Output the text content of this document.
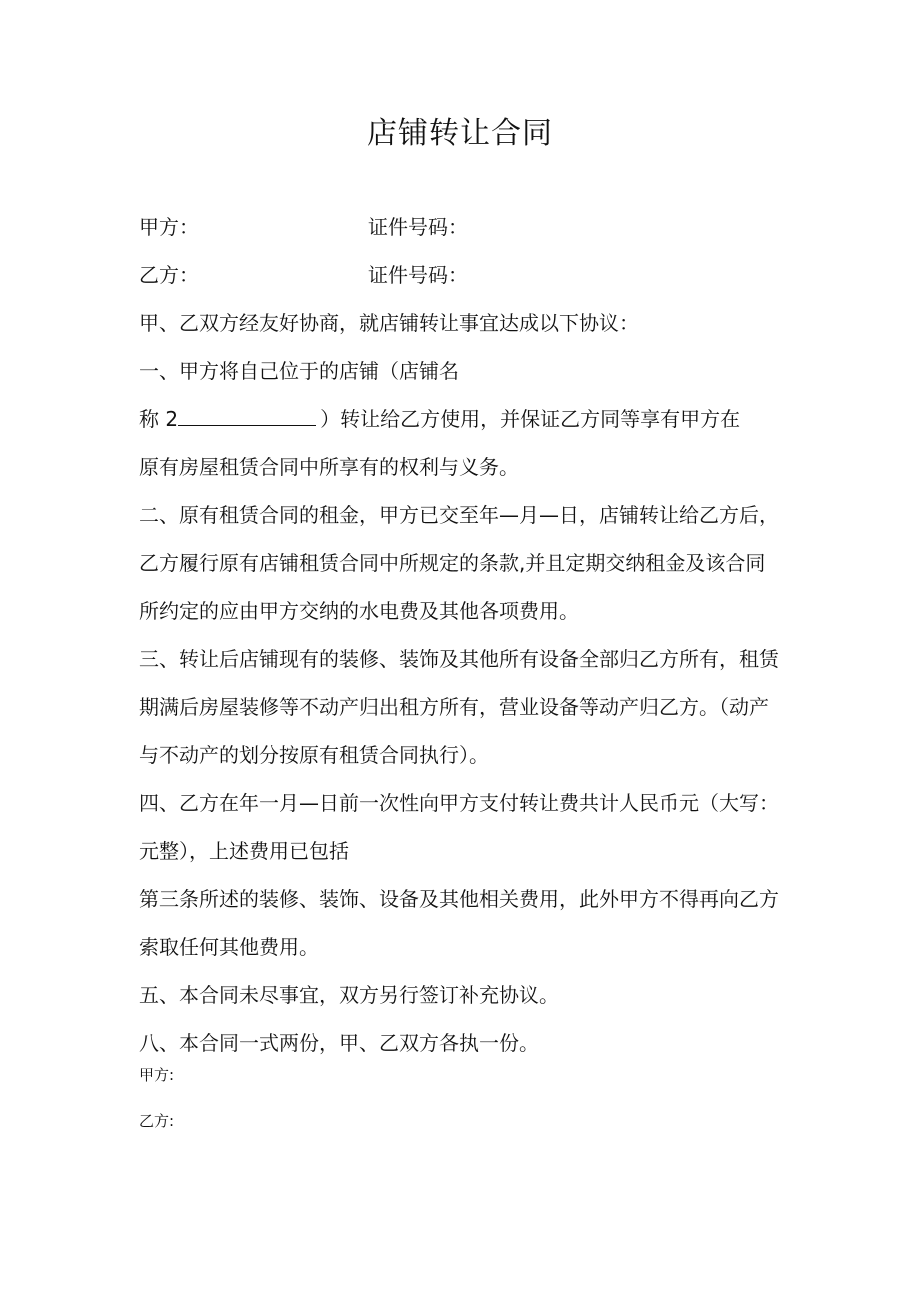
店铺转让合同
甲方：	证件号码：
乙方：	证件号码：
甲、乙双方经友好协商，就店铺转让事宜达成以下协议：
一、甲方将自己位于的店铺（店铺名
称 2	）转让给乙方使用，并保证乙方同等享有甲方在
原有房屋租赁合同中所享有的权利与义务。
二、原有租赁合同的租金，甲方已交至年—月—日，店铺转让给乙方后，
乙方履行原有店铺租赁合同中所规定的条款,并且定期交纳租金及该合同
所约定的应由甲方交纳的水电费及其他各项费用。
三、转让后店铺现有的装修、装饰及其他所有设备全部归乙方所有，租赁
期满后房屋装修等不动产归出租方所有，营业设备等动产归乙方。（动产
与不动产的划分按原有租赁合同执行）。
四、乙方在年一月—日前一次性向甲方支付转让费共计人民币元（大写：
元整），上述费用已包括
第三条所述的装修、装饰、设备及其他相关费用，此外甲方不得再向乙方
索取任何其他费用。
五、本合同未尽事宜，双方另行签订补充协议。
八、本合同一式两份，甲、乙双方各执一份。
甲方:
乙方:
